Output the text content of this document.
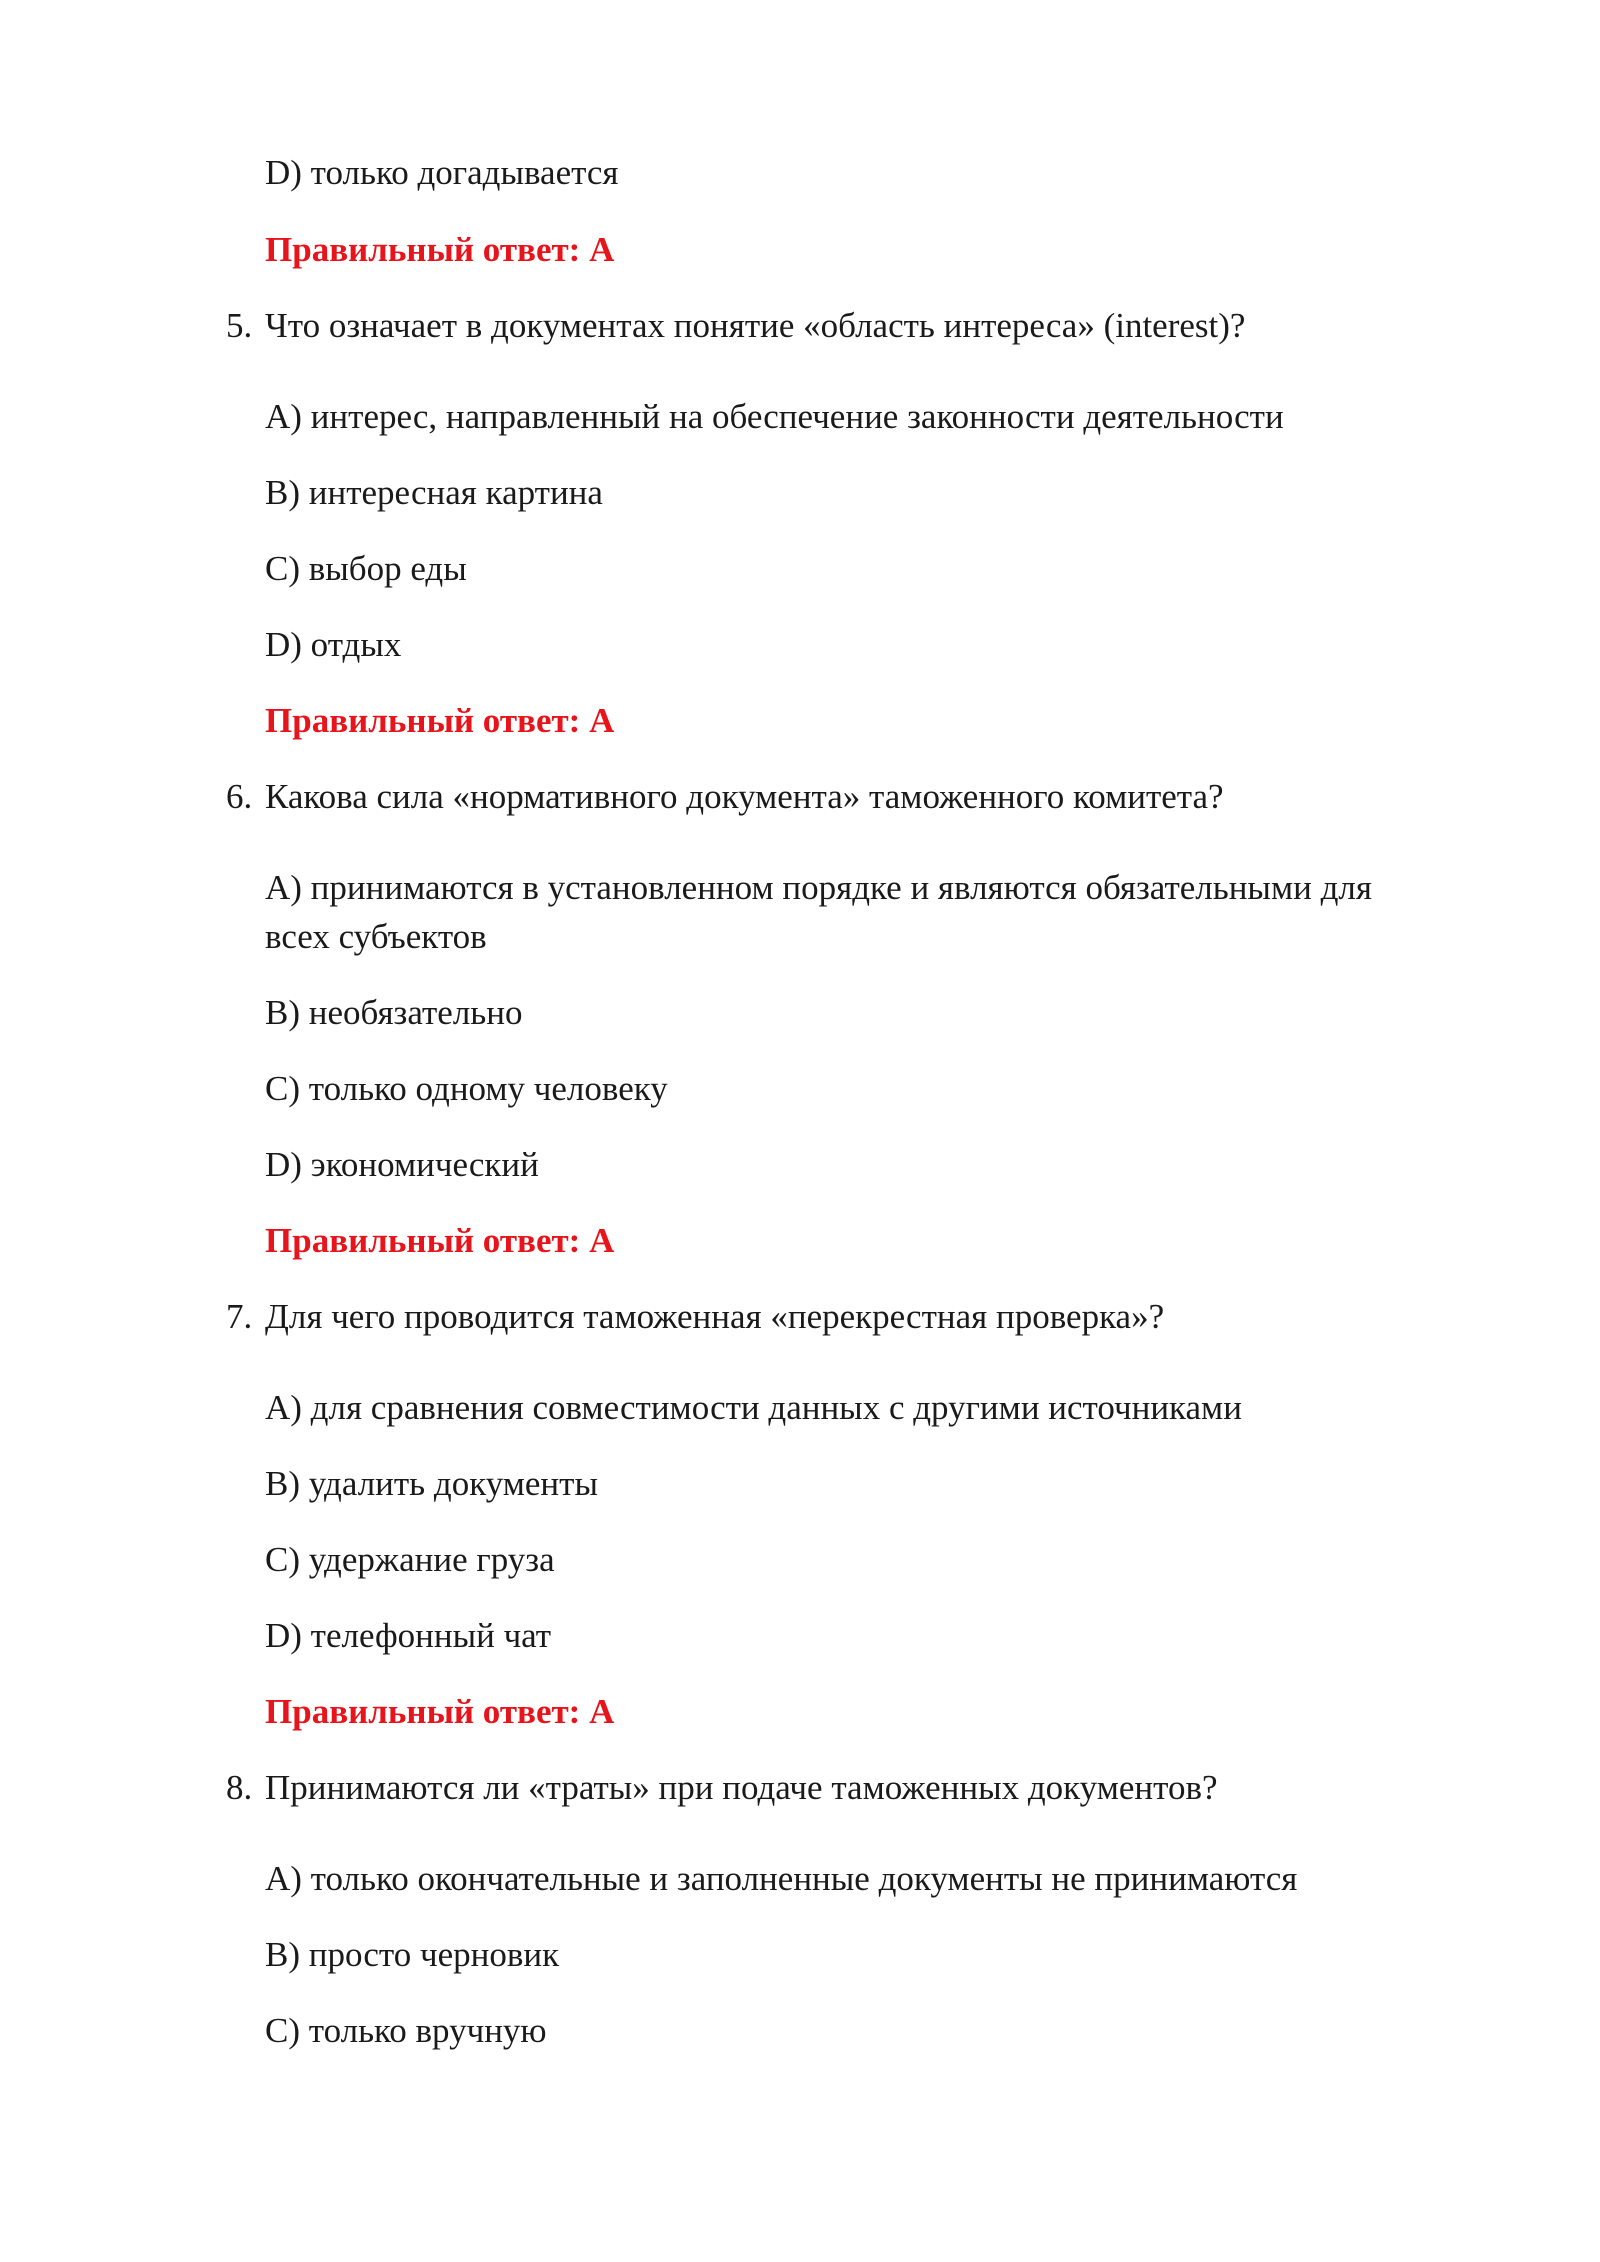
D) только догадывается
Правильный ответ: A
5. Что означает в документах понятие «область интереса» (interest)?
A) интерес, направленный на обеспечение законности деятельности
B) интересная картина
C) выбор еды
D) отдых
Правильный ответ: A
6. Какова сила «нормативного документа» таможенного комитета?
A) принимаются в установленном порядке и являются обязательными для
всех субъектов
B) необязательно
C) только одному человеку
D) экономический
Правильный ответ: A
7. Для чего проводится таможенная «перекрестная проверка»?
A) для сравнения совместимости данных с другими источниками
B) удалить документы
C) удержание груза
D) телефонный чат
Правильный ответ: A
8. Принимаются ли «траты» при подаче таможенных документов?
A) только окончательные и заполненные документы не принимаются
B) просто черновик
C) только вручную
